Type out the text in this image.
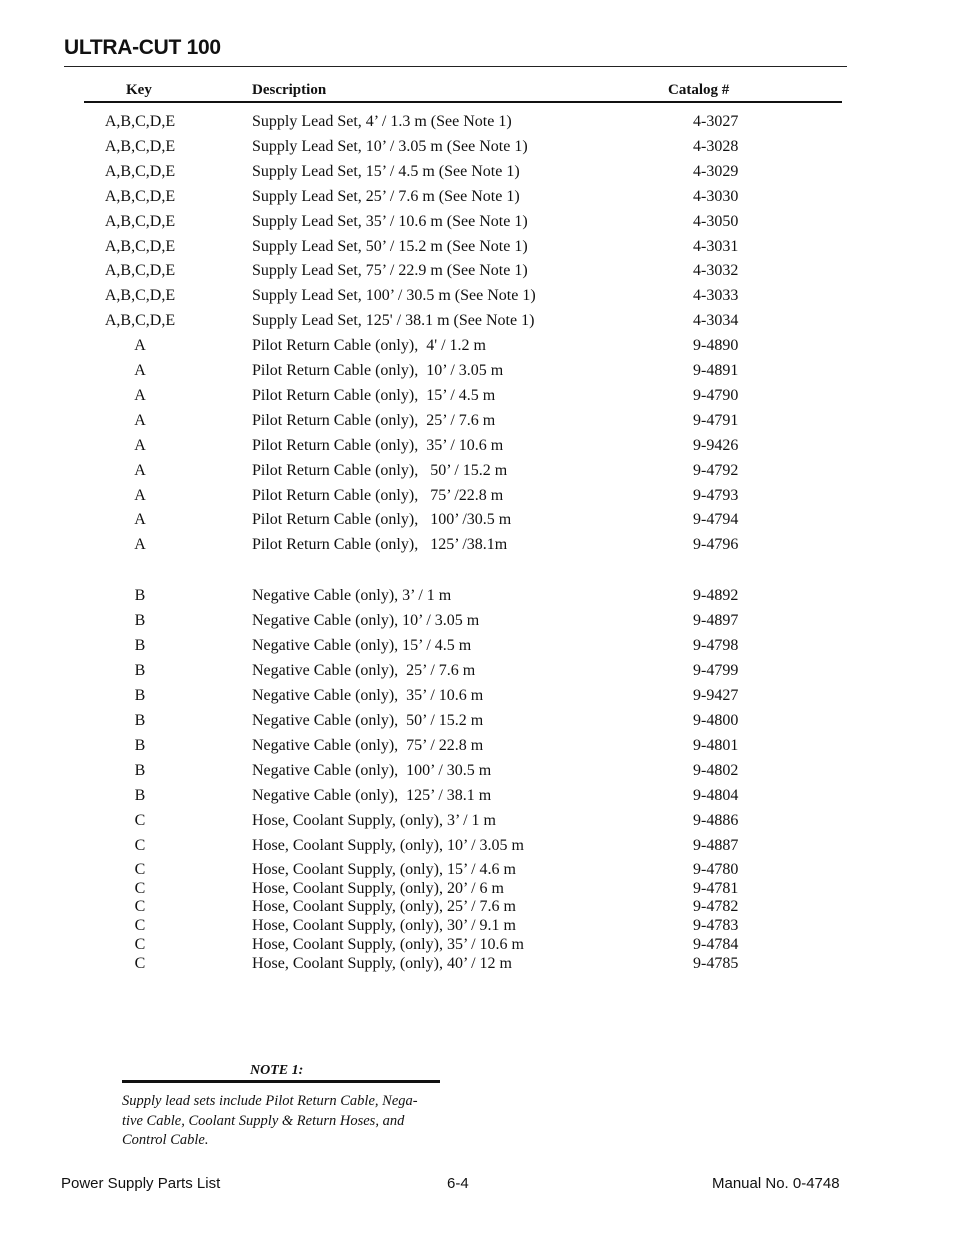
ULTRA-CUT 100
Key	Description	Catalog #
A,B,C,D,E	Supply Lead Set, 4’ / 1.3 m (See Note 1)	4-3027
A,B,C,D,E	Supply Lead Set, 10’ / 3.05 m (See Note 1)	4-3028
A,B,C,D,E	Supply Lead Set, 15’ / 4.5 m (See Note 1)	4-3029
A,B,C,D,E	Supply Lead Set, 25’ / 7.6 m (See Note 1)	4-3030
A,B,C,D,E	Supply Lead Set, 35’ / 10.6 m (See Note 1)	4-3050
A,B,C,D,E	Supply Lead Set, 50’ / 15.2 m (See Note 1)	4-3031
A,B,C,D,E	Supply Lead Set, 75’ / 22.9 m (See Note 1)	4-3032
A,B,C,D,E	Supply Lead Set, 100’ / 30.5 m (See Note 1)	4-3033
A,B,C,D,E	Supply Lead Set, 125' / 38.1 m (See Note 1)	4-3034
A	Pilot Return Cable (only),  4' / 1.2 m	9-4890
A	Pilot Return Cable (only),  10’ / 3.05 m	9-4891
A	Pilot Return Cable (only),  15’ / 4.5 m	9-4790
A	Pilot Return Cable (only),  25’ / 7.6 m	9-4791
A	Pilot Return Cable (only),  35’ / 10.6 m	9-9426
A	Pilot Return Cable (only),   50’ / 15.2 m	9-4792
A	Pilot Return Cable (only),   75’ /22.8 m	9-4793
A	Pilot Return Cable (only),   100’ /30.5 m	9-4794
A	Pilot Return Cable (only),   125’ /38.1m	9-4796
B	Negative Cable (only), 3’ / 1 m	9-4892
B	Negative Cable (only), 10’ / 3.05 m	9-4897
B	Negative Cable (only), 15’ / 4.5 m	9-4798
B	Negative Cable (only),  25’ / 7.6 m	9-4799
B	Negative Cable (only),  35’ / 10.6 m	9-9427
B	Negative Cable (only),  50’ / 15.2 m	9-4800
B	Negative Cable (only),  75’ / 22.8 m	9-4801
B	Negative Cable (only),  100’ / 30.5 m	9-4802
B	Negative Cable (only),  125’ / 38.1 m	9-4804
C	Hose, Coolant Supply, (only), 3’ / 1 m	9-4886
C	Hose, Coolant Supply, (only), 10’ / 3.05 m	9-4887
C	Hose, Coolant Supply, (only), 15’ / 4.6 m	9-4780
C	Hose, Coolant Supply, (only), 20’ / 6 m	9-4781
C	Hose, Coolant Supply, (only), 25’ / 7.6 m	9-4782
C	Hose, Coolant Supply, (only), 30’ / 9.1 m	9-4783
C	Hose, Coolant Supply, (only), 35’ / 10.6 m	9-4784
C	Hose, Coolant Supply, (only), 40’ / 12 m	9-4785
NOTE 1:
Supply lead sets include Pilot Return Cable, Nega-
tive Cable, Coolant Supply & Return Hoses, and
Control Cable.
Power Supply Parts List	6-4	Manual No. 0-4748
